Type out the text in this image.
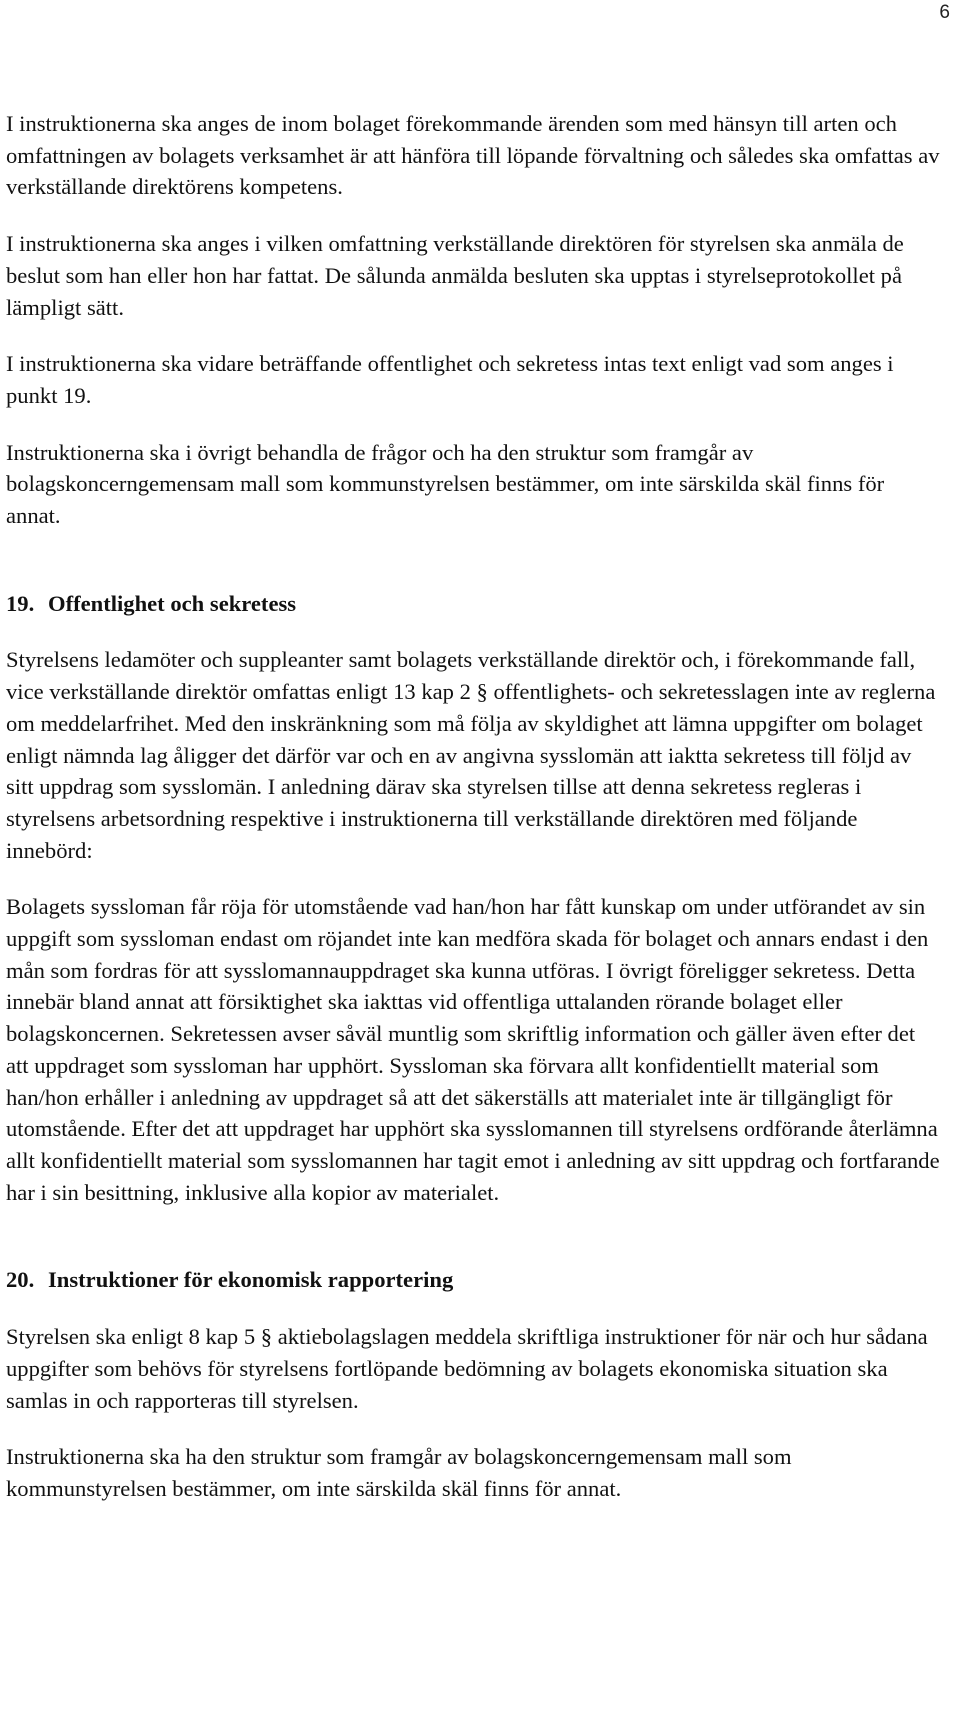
6

I instruktionerna ska anges de inom bolaget förekommande ärenden som med hänsyn till arten och omfattningen av bolagets verksamhet är att hänföra till löpande förvaltning och således ska omfattas av verkställande direktörens kompetens.

I instruktionerna ska anges i vilken omfattning verkställande direktören för styrelsen ska anmäla de beslut som han eller hon har fattat. De sålunda anmälda besluten ska upptas i styrelseprotokollet på lämpligt sätt.

I instruktionerna ska vidare beträffande offentlighet och sekretess intas text enligt vad som anges i punkt 19.

Instruktionerna ska i övrigt behandla de frågor och ha den struktur som framgår av bolagskoncerngemensam mall som kommunstyrelsen bestämmer, om inte särskilda skäl finns för annat.

19. Offentlighet och sekretess

Styrelsens ledamöter och suppleanter samt bolagets verkställande direktör och, i förekommande fall, vice verkställande direktör omfattas enligt 13 kap 2 § offentlighets- och sekretesslagen inte av reglerna om meddelarfrihet. Med den inskränkning som må följa av skyldighet att lämna uppgifter om bolaget enligt nämnda lag åligger det därför var och en av angivna sysslomän att iaktta sekretess till följd av sitt uppdrag som sysslomän. I anledning därav ska styrelsen tillse att denna sekretess regleras i styrelsens arbetsordning respektive i instruktionerna till verkställande direktören med följande innebörd:

Bolagets syssloman får röja för utomstående vad han/hon har fått kunskap om under utförandet av sin uppgift som syssloman endast om röjandet inte kan medföra skada för bolaget och annars endast i den mån som fordras för att sysslomannauppdraget ska kunna utföras. I övrigt föreligger sekretess. Detta innebär bland annat att försiktighet ska iakttas vid offentliga uttalanden rörande bolaget eller bolagskoncernen. Sekretessen avser såväl muntlig som skriftlig information och gäller även efter det att uppdraget som syssloman har upphört. Syssloman ska förvara allt konfidentiellt material som han/hon erhåller i anledning av uppdraget så att det säkerställs att materialet inte är tillgängligt för utomstående. Efter det att uppdraget har upphört ska sysslomannen till styrelsens ordförande återlämna allt konfidentiellt material som sysslomannen har tagit emot i anledning av sitt uppdrag och fortfarande har i sin besittning, inklusive alla kopior av materialet.

20. Instruktioner för ekonomisk rapportering

Styrelsen ska enligt 8 kap 5 § aktiebolagslagen meddela skriftliga instruktioner för när och hur sådana uppgifter som behövs för styrelsens fortlöpande bedömning av bolagets ekonomiska situation ska samlas in och rapporteras till styrelsen.

Instruktionerna ska ha den struktur som framgår av bolagskoncerngemensam mall som kommunstyrelsen bestämmer, om inte särskilda skäl finns för annat.
